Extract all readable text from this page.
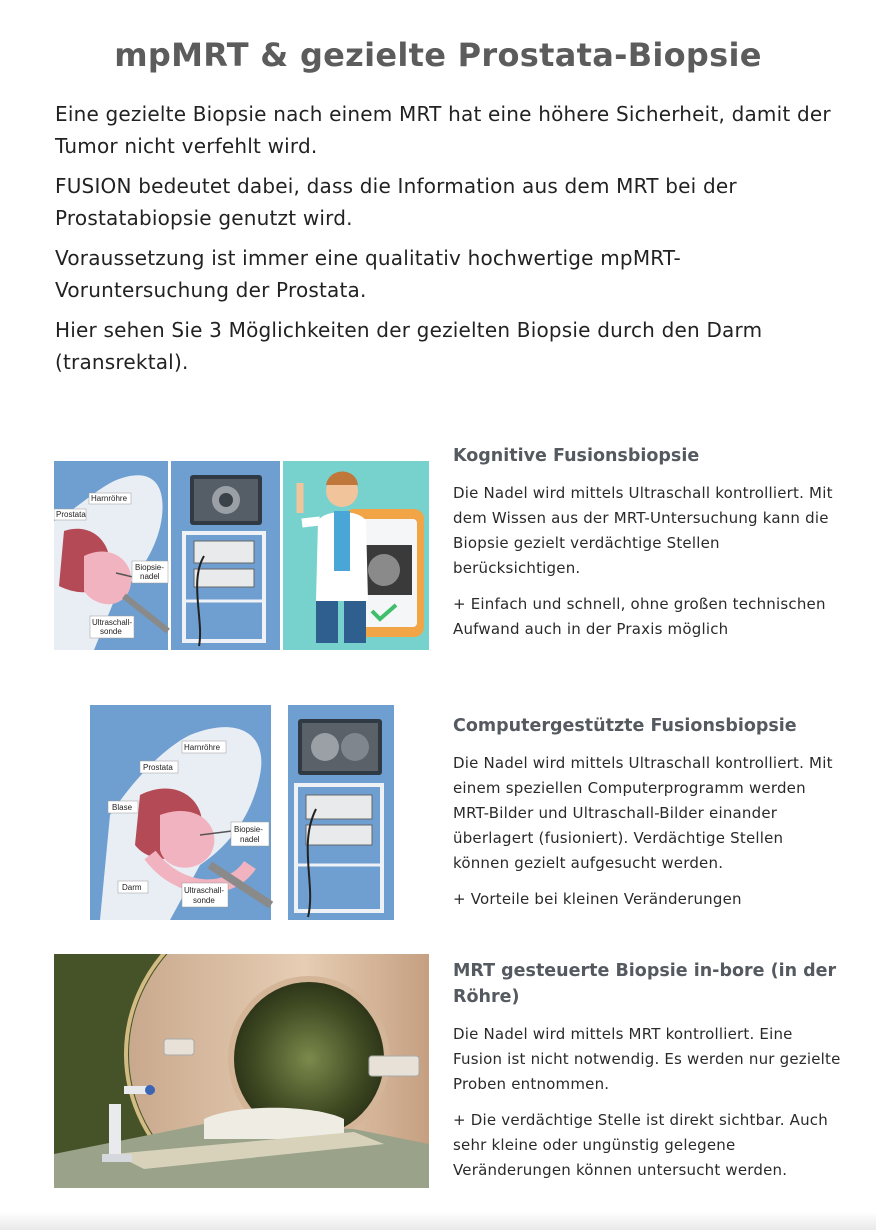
mpMRT & gezielte Prostata-Biopsie

Eine gezielte Biopsie nach einem MRT hat eine höhere Sicherheit, damit der Tumor nicht verfehlt wird.

FUSION bedeutet dabei, dass die Information aus dem MRT bei der Prostatabiopsie genutzt wird.

Voraussetzung ist immer eine qualitativ hochwertige mpMRT-Voruntersuchung der Prostata.

Hier sehen Sie 3 Möglichkeiten der gezielten Biopsie durch den Darm (transrektal).

Harnröhre
Prostata
Biopsie-
nadel
Ultraschall-
sonde
Kognitive Fusionsbiopsie

Die Nadel wird mittels Ultraschall kontrolliert. Mit dem Wissen aus der MRT-Untersuchung kann die Biopsie gezielt verdächtige Stellen berücksichtigen.

+ Einfach und schnell, ohne großen technischen Aufwand auch in der Praxis möglich

Harnröhre
Prostata
Blase
Biopsie-
nadel
Darm	Ultraschall-
sonde
Computergestützte Fusionsbiopsie

Die Nadel wird mittels Ultraschall kontrolliert. Mit einem speziellen Computerprogramm werden MRT-Bilder und Ultraschall-Bilder einander überlagert (fusioniert). Verdächtige Stellen können gezielt aufgesucht werden.

+ Vorteile bei kleinen Veränderungen

MRT gesteuerte Biopsie in-bore (in der Röhre)

Die Nadel wird mittels MRT kontrolliert. Eine Fusion ist nicht notwendig. Es werden nur gezielte Proben entnommen.

+ Die verdächtige Stelle ist direkt sichtbar. Auch sehr kleine oder ungünstig gelegene Veränderungen können untersucht werden.
